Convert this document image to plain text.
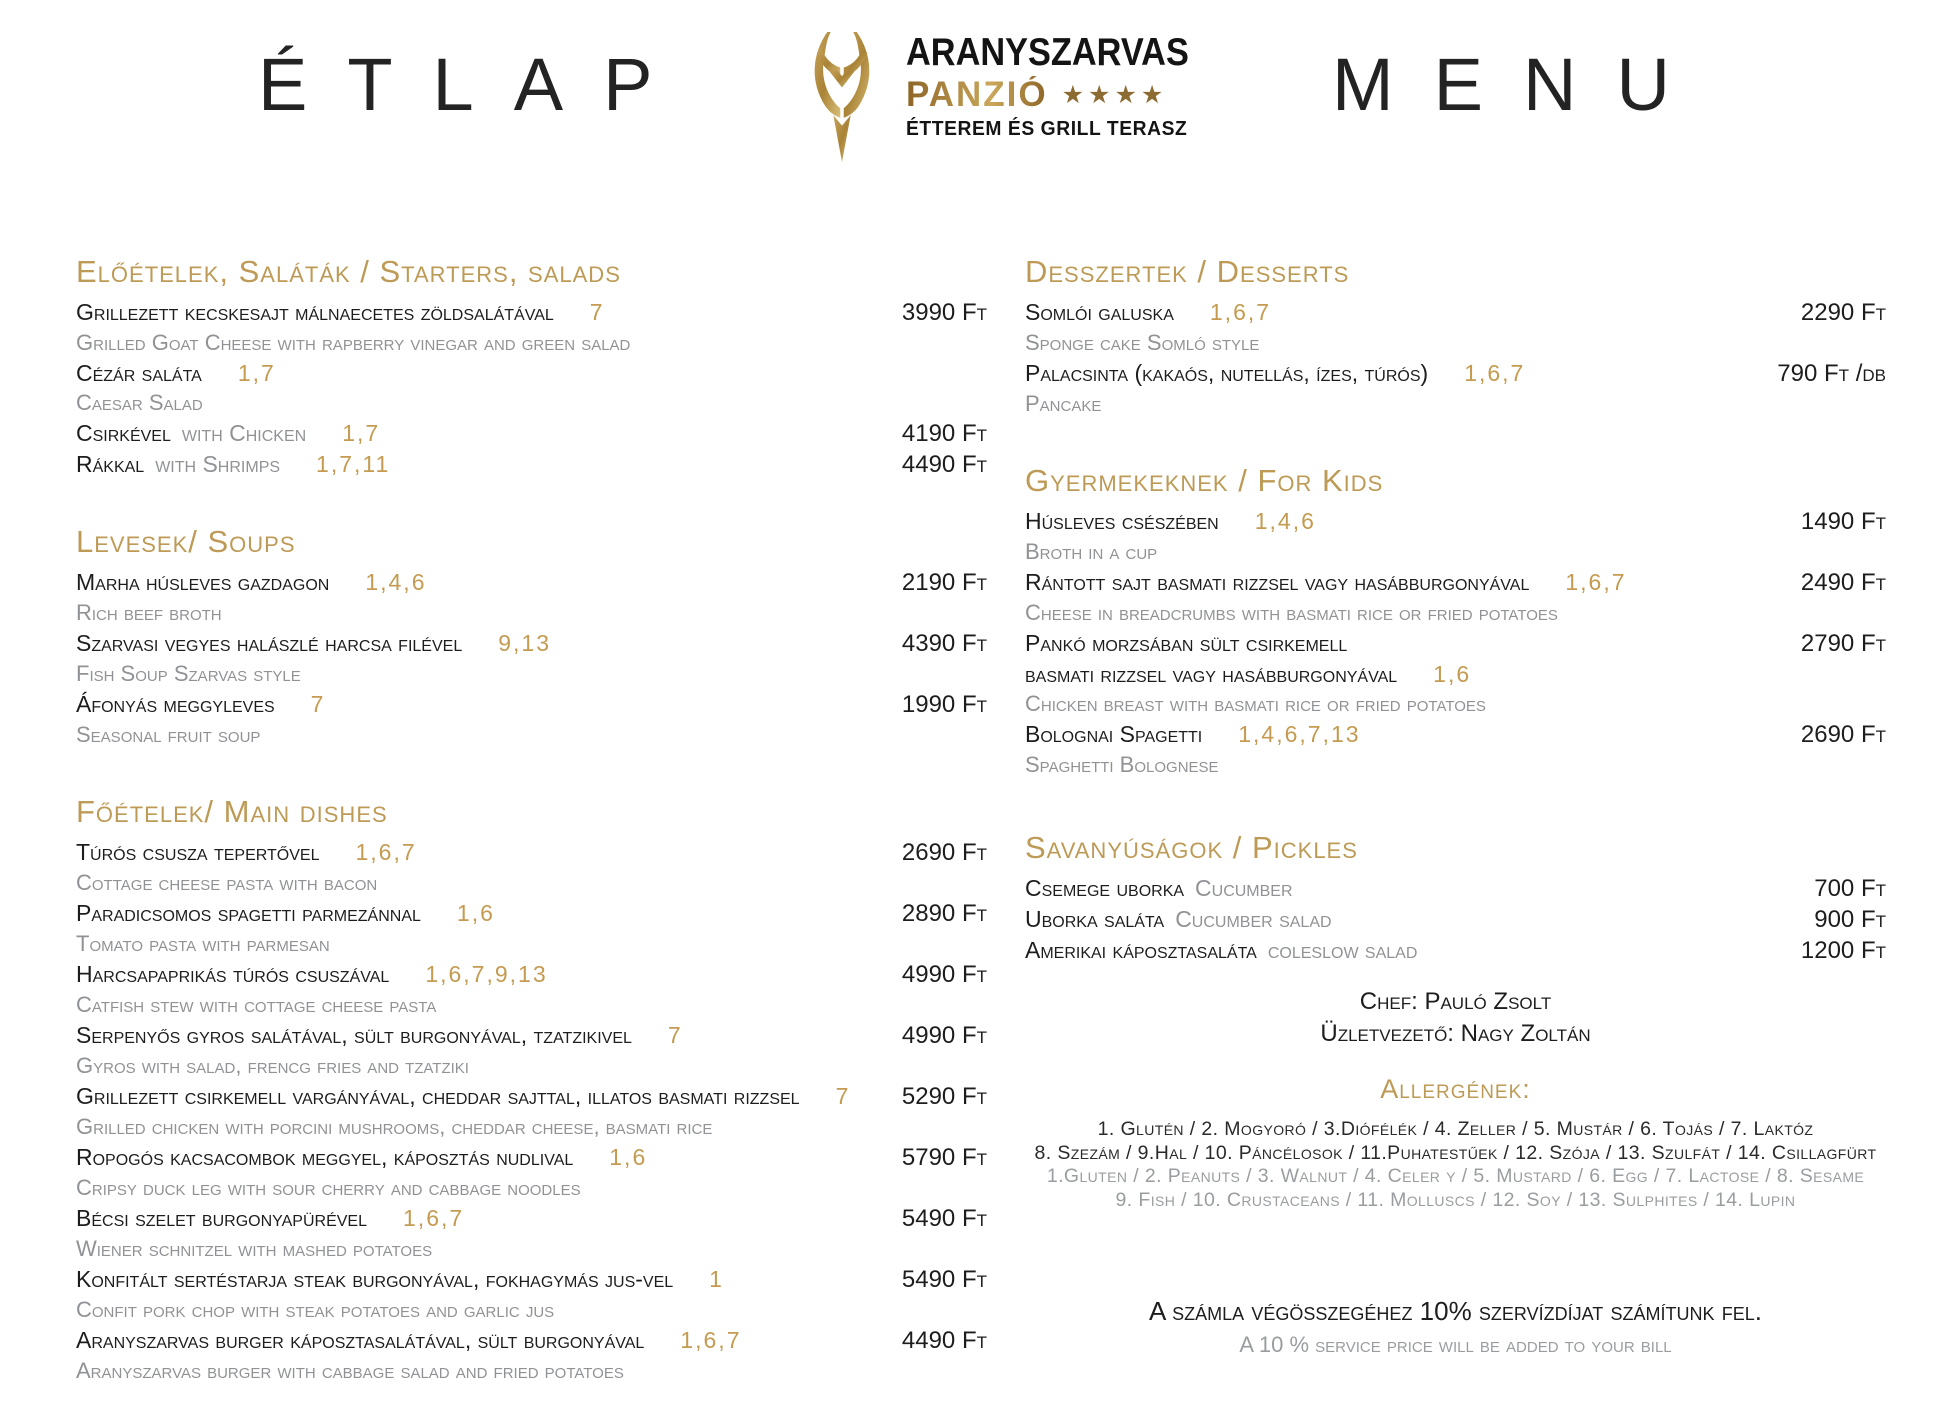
ÉTLAP	ARANYSZARVAS
PANZIÓ ★★★★
ÉTTEREM ÉS GRILL TERASZ
MENU
Előételek, Saláták / Starters, salads
Grillezett kecskesajt málnaecetes zöldsalátával 7	3990 Ft
Grilled Goat Cheese with rapberry vinegar and green salad
Cézár saláta 1,7
Caesar Salad
Csirkével with Chicken 1,7	4190 Ft
Rákkal with Shrimps 1,7,11	4490 Ft
Levesek/ Soups
Marha húsleves gazdagon 1,4,6	2190 Ft
Rich beef broth
Szarvasi vegyes halászlé harcsa filével 9,13	4390 Ft
Fish Soup Szarvas style
Áfonyás meggyleves 7	1990 Ft
Seasonal fruit soup
Főételek/ Main dishes
Túrós csusza tepertővel 1,6,7	2690 Ft
Cottage cheese pasta with bacon
Paradicsomos spagetti parmezánnal 1,6	2890 Ft
Tomato pasta with parmesan
Harcsapaprikás túrós csuszával 1,6,7,9,13	4990 Ft
Catfish stew with cottage cheese pasta
Serpenyős gyros salátával, sült burgonyával, tzatzikivel 7	4990 Ft
Gyros with salad, frencg fries and tzatziki
Grillezett csirkemell vargányával, cheddar sajttal, illatos basmati rizzsel 7	5290 Ft
Grilled chicken with porcini mushrooms, cheddar cheese, basmati rice
Ropogós kacsacombok meggyel, káposztás nudlival 1,6	5790 Ft
Cripsy duck leg with sour cherry and cabbage noodles
Bécsi szelet burgonyapürével 1,6,7	5490 Ft
Wiener schnitzel with mashed potatoes
Konfitált sertéstarja steak burgonyával, fokhagymás jus-vel 1	5490 Ft
Confit pork chop with steak potatoes and garlic jus
Aranyszarvas burger káposztasalátával, sült burgonyával 1,6,7	4490 Ft
Aranyszarvas burger with cabbage salad and fried potatoes
Desszertek / Desserts
Somlói galuska 1,6,7	2290 Ft
Sponge cake Somló style
Palacsinta (kakaós, nutellás, ízes, túrós) 1,6,7	790 Ft /db
Pancake
Gyermekeknek / For Kids
Húsleves csészében 1,4,6	1490 Ft
Broth in a cup
Rántott sajt basmati rizzsel vagy hasábburgonyával 1,6,7	2490 Ft
Cheese in breadcrumbs with basmati rice or fried potatoes
Pankó morzsában sült csirkemell	2790 Ft
basmati rizzsel vagy hasábburgonyával 1,6
Chicken breast with basmati rice or fried potatoes
Bolognai Spagetti 1,4,6,7,13	2690 Ft
Spaghetti Bolognese
Savanyúságok / Pickles
Csemege uborka Cucumber	700 Ft
Uborka saláta Cucumber salad	900 Ft
Amerikai káposztasaláta coleslow salad	1200 Ft
Chef: Pauló Zsolt
Üzletvezető: Nagy Zoltán
Allergének:
1. Glutén / 2. Mogyoró / 3.Diófélék / 4. Zeller / 5. Mustár / 6. Tojás / 7. Laktóz
8. Szezám / 9.Hal / 10. Páncélosok / 11.Puhatestűek / 12. Szója / 13. Szulfát / 14. Csillagfürt
1.Gluten / 2. Peanuts / 3. Walnut / 4. Celer y / 5. Mustard / 6. Egg / 7. Lactose / 8. Sesame
9. Fish / 10. Crustaceans / 11. Molluscs / 12. Soy / 13. Sulphites / 14. Lupin
A számla végösszegéhez 10% szervízdíjat számítunk fel.
A 10 % service price will be added to your bill
